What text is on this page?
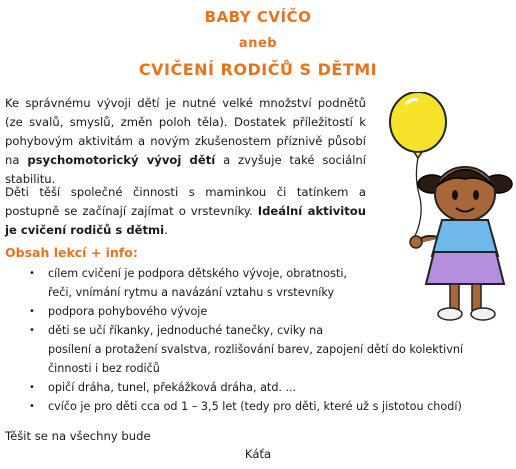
BABY CVÍČO
aneb
CVIČENÍ RODIČŮ S DĚTMI

Ke správnému vývoji dětí je nutné velké množství podnětů (ze svalů, smyslů, změn poloh těla). Dostatek příležitostí k pohybovým aktivitám a novým zkušenostem příznivě působí na psychomotorický vývoj dětí a zvyšuje také sociální stabilitu.

Děti těší společné činnosti s maminkou či tatínkem a postupně se začínají zajímat o vrstevníky. Ideální aktivitou je cvičení rodičů s dětmi.

Obsah lekcí + info:
• cílem cvičení je podpora dětského vývoje, obratnosti,
řeči, vnímání rytmu a navázání vztahu s vrstevníky
• podpora pohybového vývoje
• děti se učí říkanky, jednoduché tanečky, cviky na
posílení a protažení svalstva, rozlišování barev, zapojení dětí do kolektivní
činnosti i bez rodičů
• opičí dráha, tunel, překážková dráha, atd. ...
• cvíčo je pro děti cca od 1 – 3,5 let (tedy pro děti, které už s jistotou chodí)
Těšit se na všechny bude
Káťa
